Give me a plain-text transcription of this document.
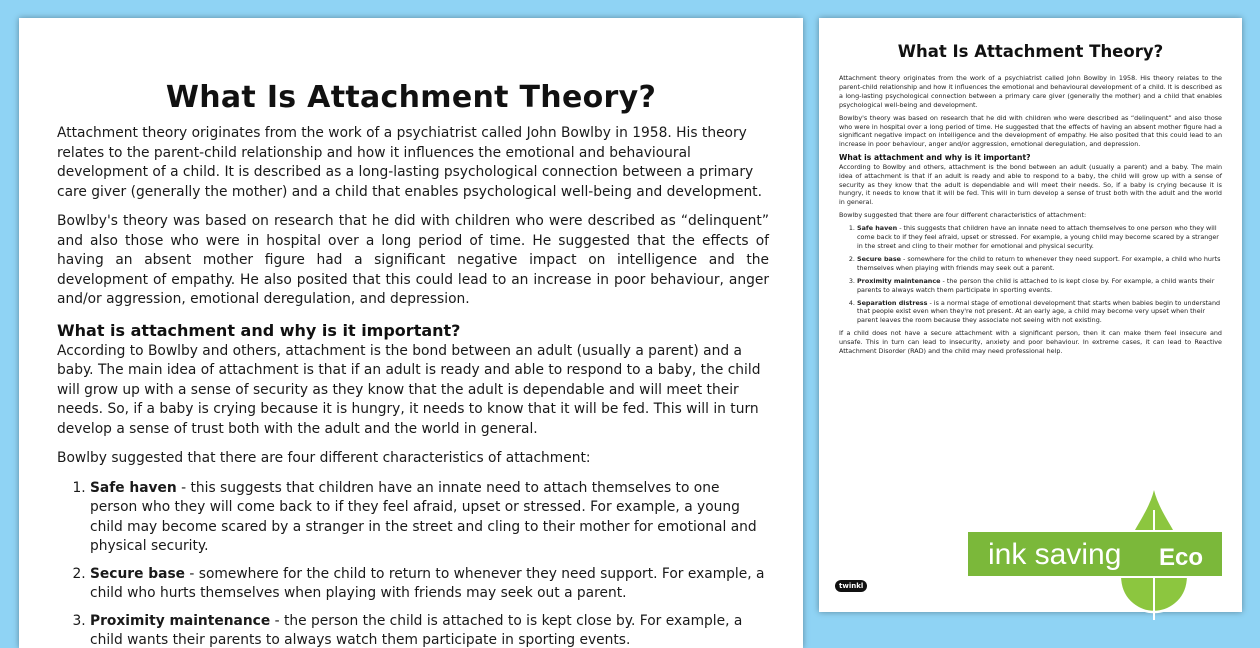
What Is Attachment Theory?

Attachment theory originates from the work of a psychiatrist called John Bowlby in 1958. His theory relates to the parent-child relationship and how it influences the emotional and behavioural development of a child. It is described as a long-lasting psychological connection between a primary care giver (generally the mother) and a child that enables psychological well-being and development.

Bowlby's theory was based on research that he did with children who were described as “delinquent” and also those who were in hospital over a long period of time. He suggested that the effects of having an absent mother figure had a significant negative impact on intelligence and the development of empathy. He also posited that this could lead to an increase in poor behaviour, anger and/or aggression, emotional deregulation, and depression.

What is attachment and why is it important?

According to Bowlby and others, attachment is the bond between an adult (usually a parent) and a baby. The main idea of attachment is that if an adult is ready and able to respond to a baby, the child will grow up with a sense of security as they know that the adult is dependable and will meet their needs. So, if a baby is crying because it is hungry, it needs to know that it will be fed. This will in turn develop a sense of trust both with the adult and the world in general.

Bowlby suggested that there are four different characteristics of attachment:

1. Safe haven - this suggests that children have an innate need to attach themselves to one person who they will come back to if they feel afraid, upset or stressed. For example, a young child may become scared by a stranger in the street and cling to their mother for emotional and physical security.
2. Secure base - somewhere for the child to return to whenever they need support. For example, a child who hurts themselves when playing with friends may seek out a parent.
3. Proximity maintenance - the person the child is attached to is kept close by. For example, a child wants their parents to always watch them participate in sporting events.
What Is Attachment Theory?

Attachment theory originates from the work of a psychiatrist called John Bowlby in 1958. His theory relates to the parent-child relationship and how it influences the emotional and behavioural development of a child. It is described as a long-lasting psychological connection between a primary care giver (generally the mother) and a child that enables psychological well-being and development.

Bowlby's theory was based on research that he did with children who were described as “delinquent” and also those who were in hospital over a long period of time. He suggested that the effects of having an absent mother figure had a significant negative impact on intelligence and the development of empathy. He also posited that this could lead to an increase in poor behaviour, anger and/or aggression, emotional deregulation, and depression.

What is attachment and why is it important?

According to Bowlby and others, attachment is the bond between an adult (usually a parent) and a baby. The main idea of attachment is that if an adult is ready and able to respond to a baby, the child will grow up with a sense of security as they know that the adult is dependable and will meet their needs. So, if a baby is crying because it is hungry, it needs to know that it will be fed. This will in turn develop a sense of trust both with the adult and the world in general.

Bowlby suggested that there are four different characteristics of attachment:

1. Safe haven - this suggests that children have an innate need to attach themselves to one person who they will come back to if they feel afraid, upset or stressed. For example, a young child may become scared by a stranger in the street and cling to their mother for emotional and physical security.
2. Secure base - somewhere for the child to return to whenever they need support. For example, a child who hurts themselves when playing with friends may seek out a parent.
3. Proximity maintenance - the person the child is attached to is kept close by. For example, a child wants their parents to always watch them participate in sporting events.
4. Separation distress - is a normal stage of emotional development that starts when babies begin to understand that people exist even when they're not present. At an early age, a child may become very upset when their parent leaves the room because they associate not seeing with not existing.

If a child does not have a secure attachment with a significant person, then it can make them feel insecure and unsafe. This in turn can lead to insecurity, anxiety and poor behaviour. In extreme cases, it can lead to Reactive Attachment Disorder (RAD) and the child may need professional help.

twinkl
ink saving Eco
